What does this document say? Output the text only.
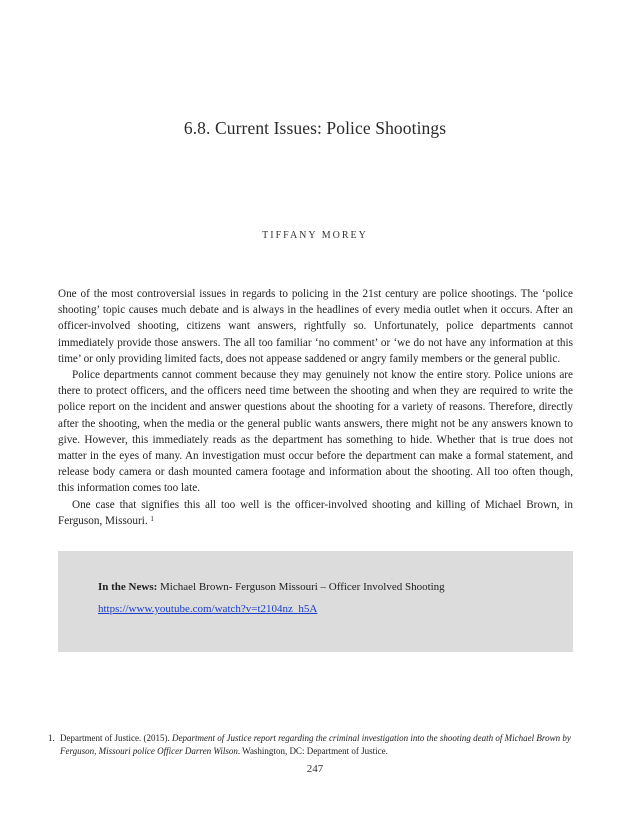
6.8. Current Issues: Police Shootings
TIFFANY MOREY

One of the most controversial issues in regards to policing in the 21st century are police shootings. The ‘police shooting’ topic causes much debate and is always in the headlines of every media outlet when it occurs. After an officer-involved shooting, citizens want answers, rightfully so. Unfortunately, police departments cannot immediately provide those answers. The all too familiar ‘no comment’ or ‘we do not have any information at this time’ or only providing limited facts, does not appease saddened or angry family members or the general public.

Police departments cannot comment because they may genuinely not know the entire story. Police unions are there to protect officers, and the officers need time between the shooting and when they are required to write the police report on the incident and answer questions about the shooting for a variety of reasons. Therefore, directly after the shooting, when the media or the general public wants answers, there might not be any answers known to give. However, this immediately reads as the department has something to hide. Whether that is true does not matter in the eyes of many. An investigation must occur before the department can make a formal statement, and release body camera or dash mounted camera footage and information about the shooting. All too often though, this information comes too late.

One case that signifies this all too well is the officer-involved shooting and killing of Michael Brown, in Ferguson, Missouri. $^1$

In the News: Michael Brown- Ferguson Missouri – Officer Involved Shooting
https://www.youtube.com/watch?v=t2104nz_h5A
1. Department of Justice. (2015). Department of Justice report regarding the criminal investigation into the shooting death of Michael Brown by Ferguson, Missouri police Officer Darren Wilson. Washington, DC: Department of Justice.
247
